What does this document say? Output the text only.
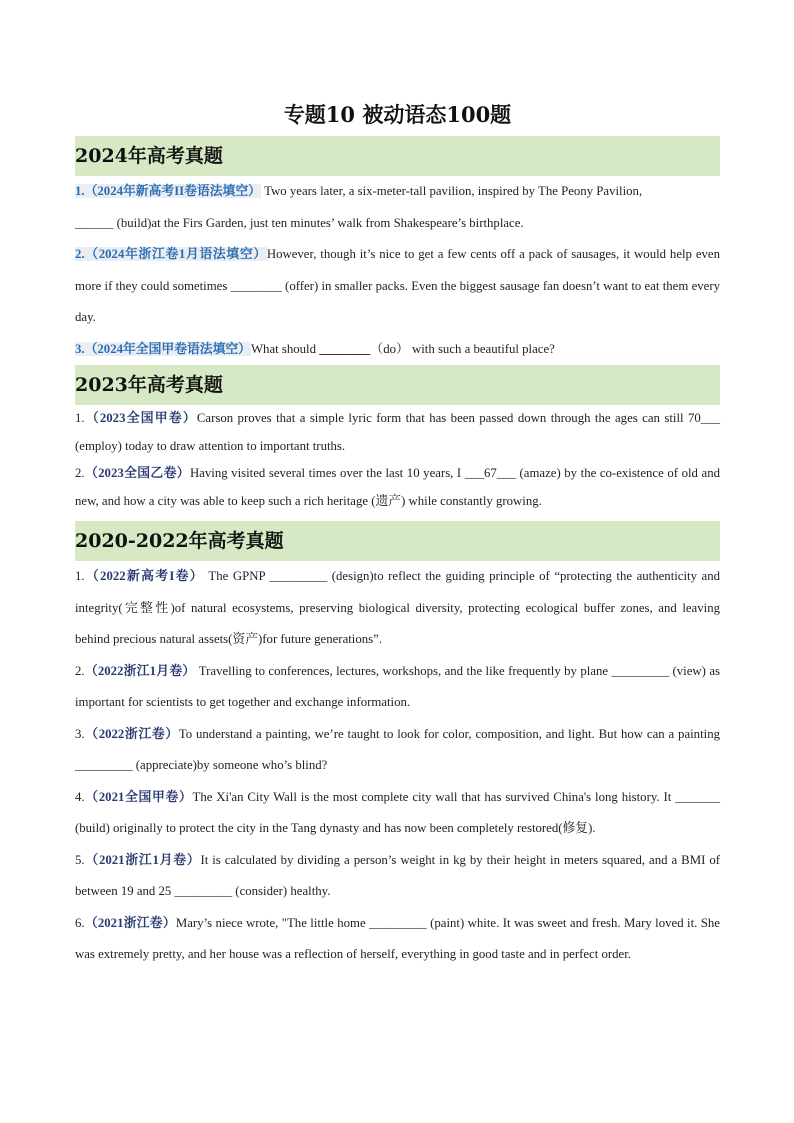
专题10 被动语态100题
2024年高考真题
1.（2024年新高考II卷语法填空） Two years later, a six-meter-tall pavilion, inspired by The Peony Pavilion,
______ (build)at the Firs Garden, just ten minutes’ walk from Shakespeare’s birthplace.
2.（2024年浙江卷1月语法填空）However, though it’s nice to get a few cents off a pack of sausages, it would help even more if they could sometimes ________ (offer) in smaller packs. Even the biggest sausage fan doesn’t want to eat them every day.
3.（2024年全国甲卷语法填空）What should ________（do） with such a beautiful place?
2023年高考真题
1.（2023全国甲卷）Carson proves that a simple lyric form that has been passed down through the ages can still 70___ (employ) today to draw attention to important truths.
2.（2023全国乙卷）Having visited several times over the last 10 years, I ___67___ (amaze) by the co-existence of old and new, and how a city was able to keep such a rich heritage (遗产) while constantly growing.
2020-2022年高考真题
1.（2022新高考I卷） The GPNP _________ (design)to reflect the guiding principle of “protecting the authenticity and integrity(完整性)of natural ecosystems, preserving biological diversity, protecting ecological buffer zones, and leaving behind precious natural assets(资产)for future generations”.
2.（2022浙江1月卷） Travelling to conferences, lectures, workshops, and the like frequently by plane _________ (view) as important for scientists to get together and exchange information.
3.（2022浙江卷）To understand a painting, we’re taught to look for color, composition, and light. But how can a painting _________ (appreciate)by someone who’s blind?
4.（2021全国甲卷）The Xi'an City Wall is the most complete city wall that has survived China's long history. It _______ (build) originally to protect the city in the Tang dynasty and has now been completely restored(修复).
5.（2021浙江1月卷）It is calculated by dividing a person’s weight in kg by their height in meters squared, and a BMI of between 19 and 25 _________ (consider) healthy.
6.（2021浙江卷）Mary’s niece wrote, "The little home _________ (paint) white. It was sweet and fresh. Mary loved it. She was extremely pretty, and her house was a reflection of herself, everything in good taste and in perfect order.
